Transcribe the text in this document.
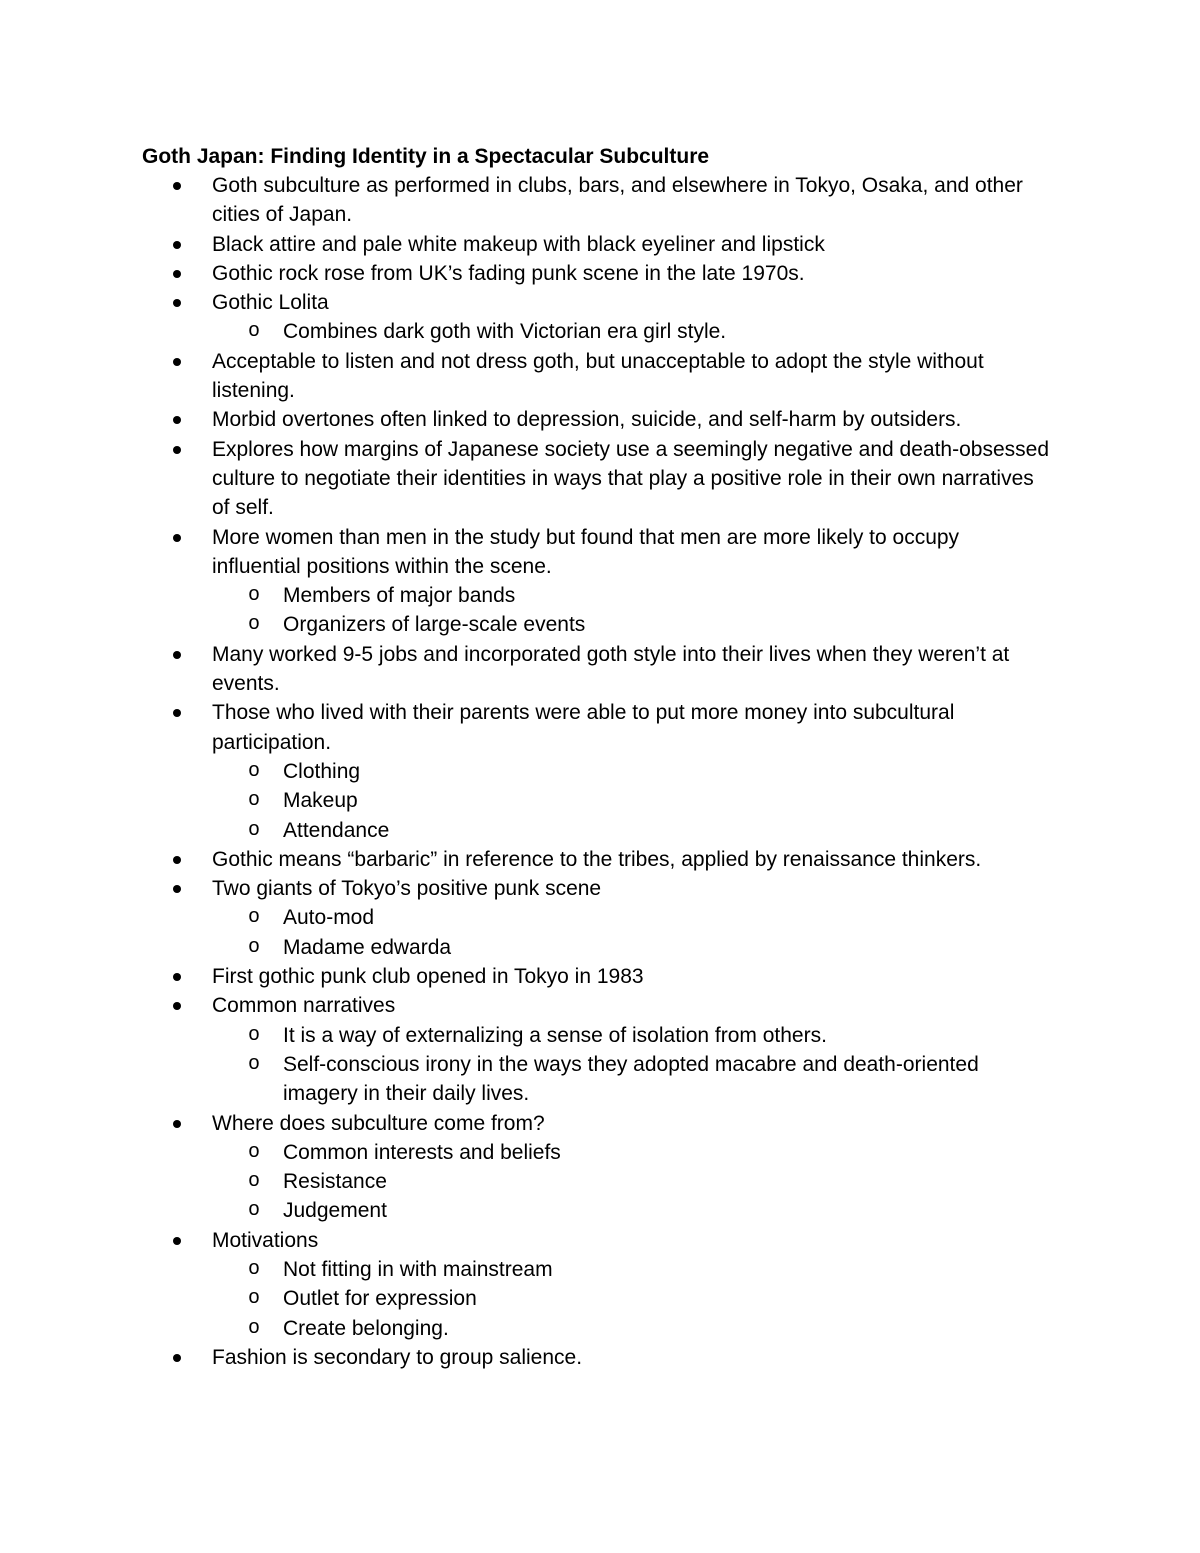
Goth Japan: Finding Identity in a Spectacular Subculture
Goth subculture as performed in clubs, bars, and elsewhere in Tokyo, Osaka, and other cities of Japan.
Black attire and pale white makeup with black eyeliner and lipstick
Gothic rock rose from UK’s fading punk scene in the late 1970s.
Gothic Lolita
o Combines dark goth with Victorian era girl style.
Acceptable to listen and not dress goth, but unacceptable to adopt the style without listening.
Morbid overtones often linked to depression, suicide, and self-harm by outsiders.
Explores how margins of Japanese society use a seemingly negative and death-obsessed culture to negotiate their identities in ways that play a positive role in their own narratives of self.
More women than men in the study but found that men are more likely to occupy influential positions within the scene.
o Members of major bands
o Organizers of large-scale events
Many worked 9-5 jobs and incorporated goth style into their lives when they weren’t at events.
Those who lived with their parents were able to put more money into subcultural participation.
o Clothing
o Makeup
o Attendance
Gothic means “barbaric” in reference to the tribes, applied by renaissance thinkers.
Two giants of Tokyo’s positive punk scene
o Auto-mod
o Madame edwarda
First gothic punk club opened in Tokyo in 1983
Common narratives
o It is a way of externalizing a sense of isolation from others.
o Self-conscious irony in the ways they adopted macabre and death-oriented imagery in their daily lives.
Where does subculture come from?
o Common interests and beliefs
o Resistance
o Judgement
Motivations
o Not fitting in with mainstream
o Outlet for expression
o Create belonging.
Fashion is secondary to group salience.
